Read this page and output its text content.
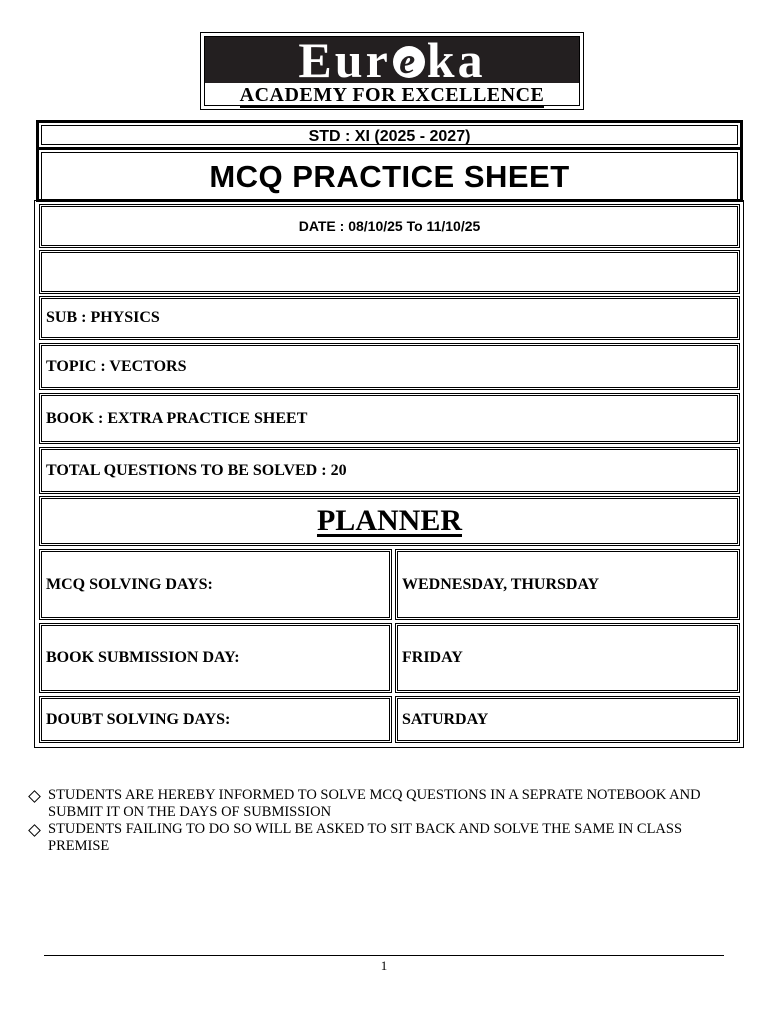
Eur e ka
ACADEMY FOR EXCELLENCE
STD : XI (2025 - 2027)
MCQ PRACTICE SHEET
DATE : 08/10/25 To 11/10/25
SUB : PHYSICS
TOPIC : VECTORS
BOOK : EXTRA PRACTICE SHEET
TOTAL QUESTIONS TO BE SOLVED : 20
PLANNER
MCQ SOLVING DAYS:	WEDNESDAY, THURSDAY
BOOK SUBMISSION DAY:	FRIDAY
DOUBT SOLVING DAYS:	SATURDAY
STUDENTS ARE HEREBY INFORMED TO SOLVE MCQ QUESTIONS IN A SEPRATE NOTEBOOK AND SUBMIT IT ON THE DAYS OF SUBMISSION
STUDENTS FAILING TO DO SO WILL BE ASKED TO SIT BACK AND SOLVE THE SAME IN CLASS PREMISE
1
